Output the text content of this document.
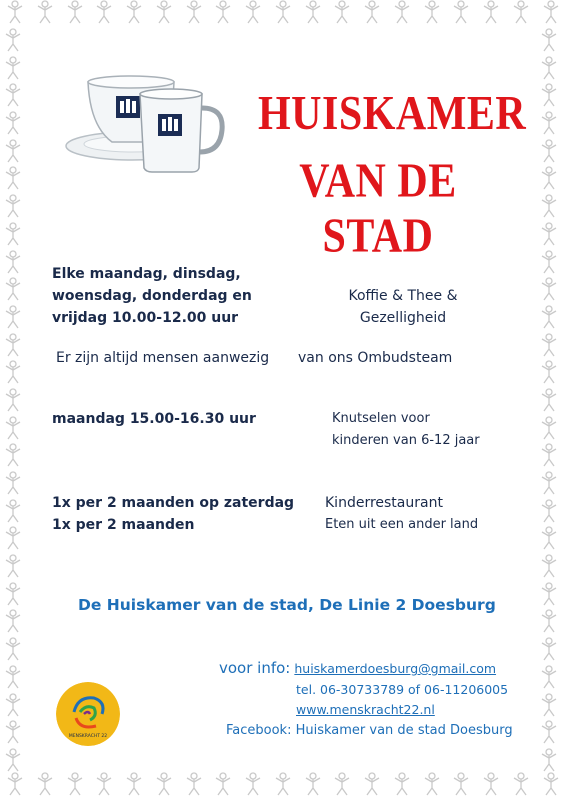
HUISKAMER
VAN DE STAD
Elke maandag, dinsdag,
woensdag, donderdag en
vrijdag 10.00-12.00 uur
Koffie & Thee &
Gezelligheid
Er zijn altijd mensen aanwezig van ons Ombudsteam
maandag 15.00-16.30 uur	Knutselen voor
kinderen van 6-12 jaar
1x per 2 maanden op zaterdag
1x per 2 maanden
Kinderrestaurant
Eten uit een ander land
De Huiskamer van de stad, De Linie 2 Doesburg
voor info: huiskamerdoesburg@gmail.com
tel. 06-30733789 of 06-11206005
www.menskracht22.nl
Facebook: Huiskamer van de stad Doesburg
MENSKRACHT 22
